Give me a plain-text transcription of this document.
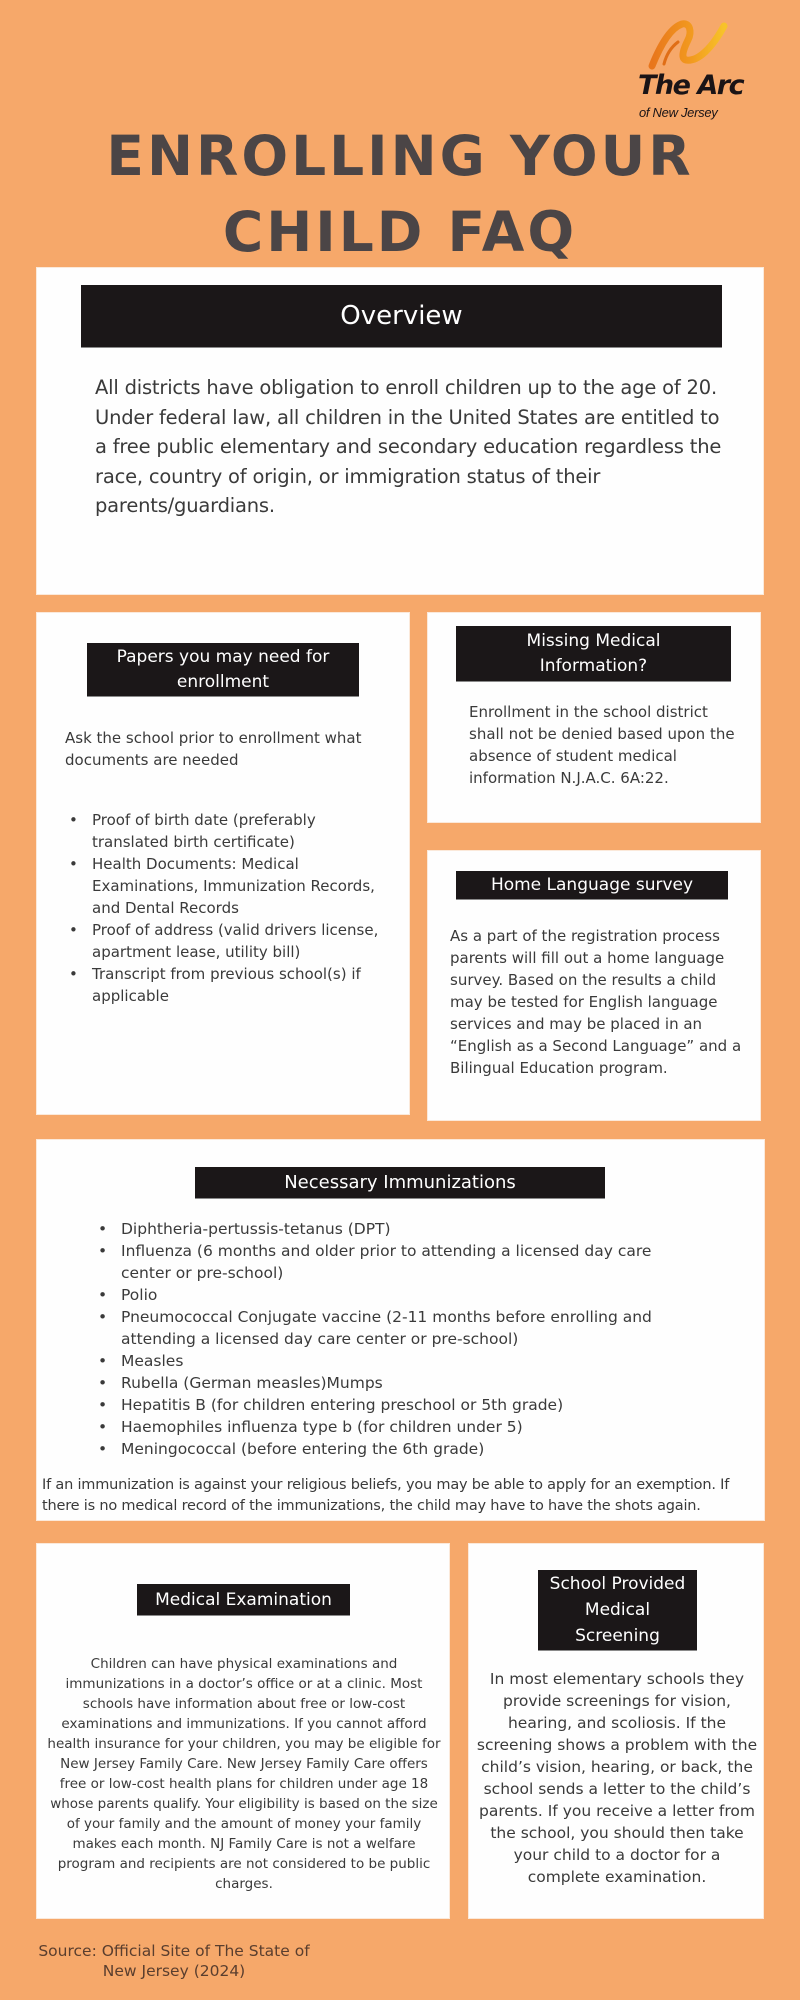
The Arc
of New Jersey
ENROLLING YOUR
CHILD FAQ
Overview
All districts have obligation to enroll children up to the age of 20. Under federal law, all children in the United States are entitled to a free public elementary and secondary education regardless the race, country of origin, or immigration status of their parents/guardians.
Papers you may need for enrollment
Ask the school prior to enrollment what documents are needed
• Proof of birth date (preferably translated birth certificate)
• Health Documents: Medical Examinations, Immunization Records, and Dental Records
• Proof of address (valid drivers license, apartment lease, utility bill)
• Transcript from previous school(s) if applicable
Missing Medical Information?
Enrollment in the school district shall not be denied based upon the absence of student medical information N.J.A.C. 6A:22.
Home Language survey
As a part of the registration process parents will fill out a home language survey. Based on the results a child may be tested for English language services and may be placed in an “English as a Second Language” and a Bilingual Education program.
Necessary Immunizations
• Diphtheria-pertussis-tetanus (DPT)
• Influenza (6 months and older prior to attending a licensed day care center or pre-school)
• Polio
• Pneumococcal Conjugate vaccine (2-11 months before enrolling and attending a licensed day care center or pre-school)
• Measles
• Rubella (German measles)Mumps
• Hepatitis B (for children entering preschool or 5th grade)
• Haemophiles influenza type b (for children under 5)
• Meningococcal (before entering the 6th grade)
If an immunization is against your religious beliefs, you may be able to apply for an exemption. If there is no medical record of the immunizations, the child may have to have the shots again.
Medical Examination
Children can have physical examinations and immunizations in a doctor’s office or at a clinic. Most schools have information about free or low-cost examinations and immunizations. If you cannot afford health insurance for your children, you may be eligible for New Jersey Family Care. New Jersey Family Care offers free or low-cost health plans for children under age 18 whose parents qualify. Your eligibility is based on the size of your family and the amount of money your family makes each month. NJ Family Care is not a welfare program and recipients are not considered to be public charges.
School Provided Medical Screening
In most elementary schools they provide screenings for vision, hearing, and scoliosis. If the screening shows a problem with the child’s vision, hearing, or back, the school sends a letter to the child’s parents. If you receive a letter from the school, you should then take your child to a doctor for a complete examination.
Source: Official Site of The State of New Jersey (2024)
